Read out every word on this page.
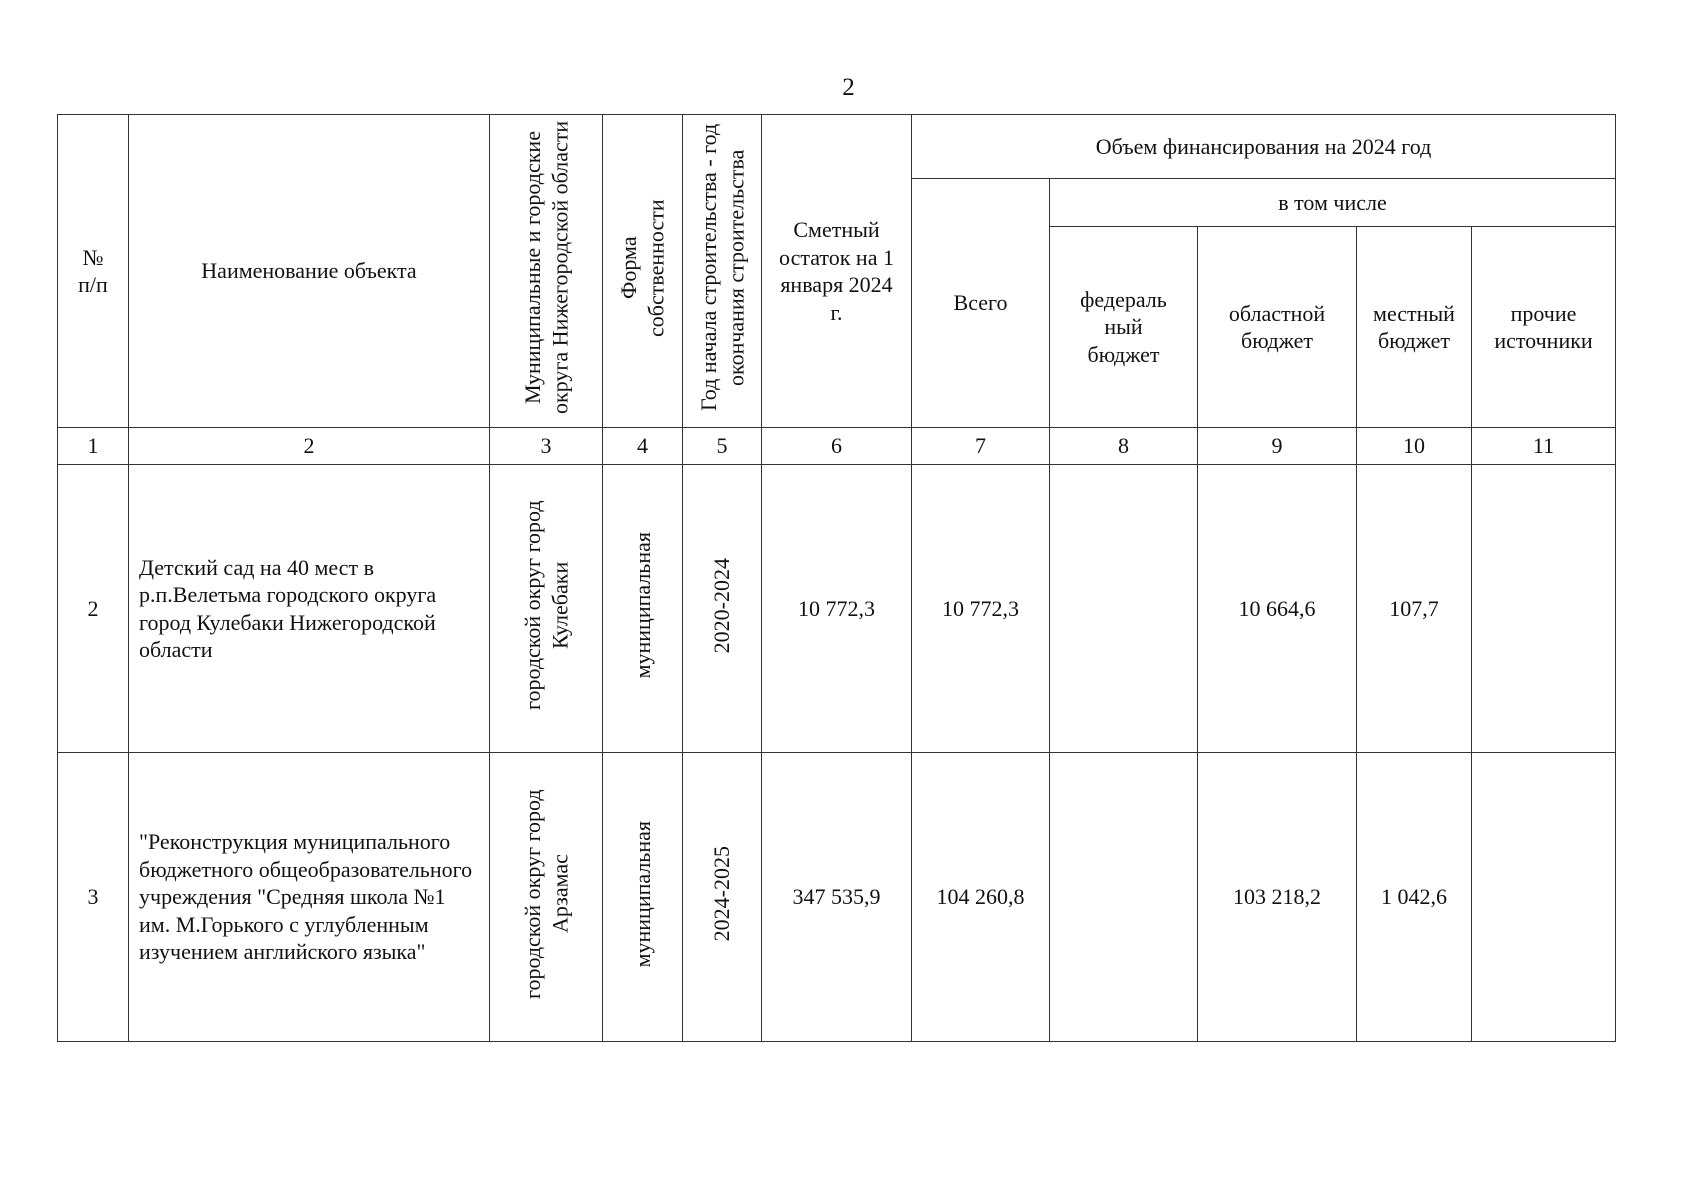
2
№ п/п	Наименование объекта	Муниципальные и городские округа Нижегородской области	Форма собственности	Год начала строительства - год окончания строительства	Сметный остаток на 1 января 2024 г.	Объем финансирования на 2024 год				
						Всего	в том числе			
							федераль ный бюджет	областной бюджет	местный бюджет	прочие источники
1	2	3	4	5	6	7	8	9	10	11
2	Детский сад на 40 мест в р.п.Велетьма городского округа город Кулебаки Нижегородской области	городской округ город Кулебаки	муниципальная	2020-2024	10 772,3	10 772,3		10 664,6	107,7	
3	"Реконструкция муниципального бюджетного общеобразовательного учреждения "Средняя школа №1 им. М.Горького с углубленным изучением английского языка"	городской округ город Арзамас	муниципальная	2024-2025	347 535,9	104 260,8		103 218,2	1 042,6	
